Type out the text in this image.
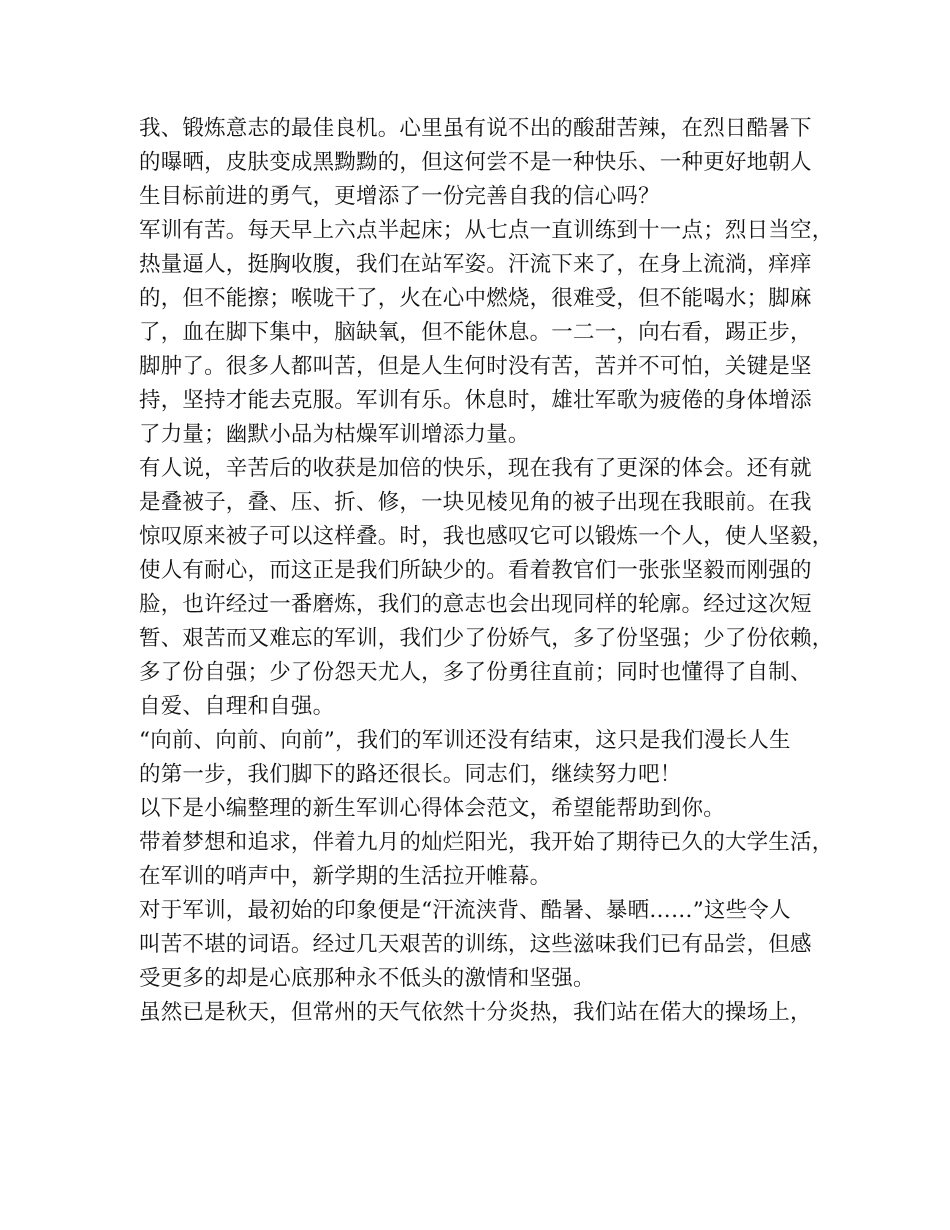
我、锻炼意志的最佳良机。心里虽有说不出的酸甜苦辣，在烈日酷暑下
的曝晒，皮肤变成黑黝黝的，但这何尝不是一种快乐、一种更好地朝人
生目标前进的勇气，更增添了一份完善自我的信心吗？
军训有苦。每天早上六点半起床；从七点一直训练到十一点；烈日当空，
热量逼人，挺胸收腹，我们在站军姿。汗流下来了，在身上流淌，痒痒
的，但不能擦；喉咙干了，火在心中燃烧，很难受，但不能喝水；脚麻
了，血在脚下集中，脑缺氧，但不能休息。一二一，向右看，踢正步，
脚肿了。很多人都叫苦，但是人生何时没有苦，苦并不可怕，关键是坚
持，坚持才能去克服。军训有乐。休息时，雄壮军歌为疲倦的身体增添
了力量；幽默小品为枯燥军训增添力量。
有人说，辛苦后的收获是加倍的快乐，现在我有了更深的体会。还有就
是叠被子，叠、压、折、修，一块见棱见角的被子出现在我眼前。在我
惊叹原来被子可以这样叠。时，我也感叹它可以锻炼一个人，使人坚毅，
使人有耐心，而这正是我们所缺少的。看着教官们一张张坚毅而刚强的
脸，也许经过一番磨炼，我们的意志也会出现同样的轮廓。经过这次短
暂、艰苦而又难忘的军训，我们少了份娇气，多了份坚强；少了份依赖，
多了份自强；少了份怨天尤人，多了份勇往直前；同时也懂得了自制、
自爱、自理和自强。
“向前、向前、向前”，我们的军训还没有结束，这只是我们漫长人生
的第一步，我们脚下的路还很长。同志们，继续努力吧！
以下是小编整理的新生军训心得体会范文，希望能帮助到你。
带着梦想和追求，伴着九月的灿烂阳光，我开始了期待已久的大学生活，
在军训的哨声中，新学期的生活拉开帷幕。
对于军训，最初始的印象便是“汗流浃背、酷暑、暴晒……”这些令人
叫苦不堪的词语。经过几天艰苦的训练，这些滋味我们已有品尝，但感
受更多的却是心底那种永不低头的激情和坚强。
虽然已是秋天，但常州的天气依然十分炎热，我们站在偌大的操场上，
